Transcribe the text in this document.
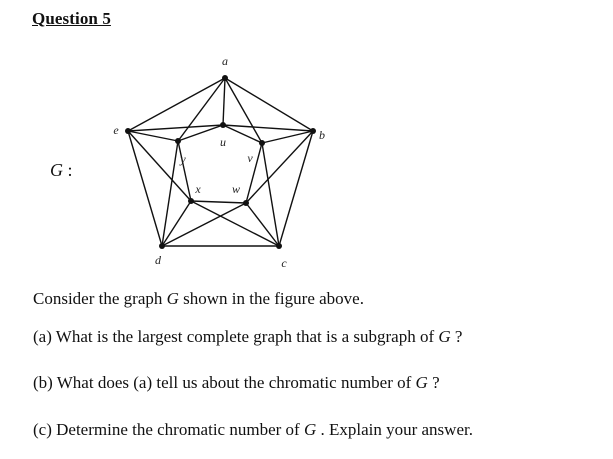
Question 5
G :
a
b
c
d
e
u
v
w
x
y
Consider the graph G shown in the figure above.
(a) What is the largest complete graph that is a subgraph of G ?
(b) What does (a) tell us about the chromatic number of G ?
(c) Determine the chromatic number of G . Explain your answer.
